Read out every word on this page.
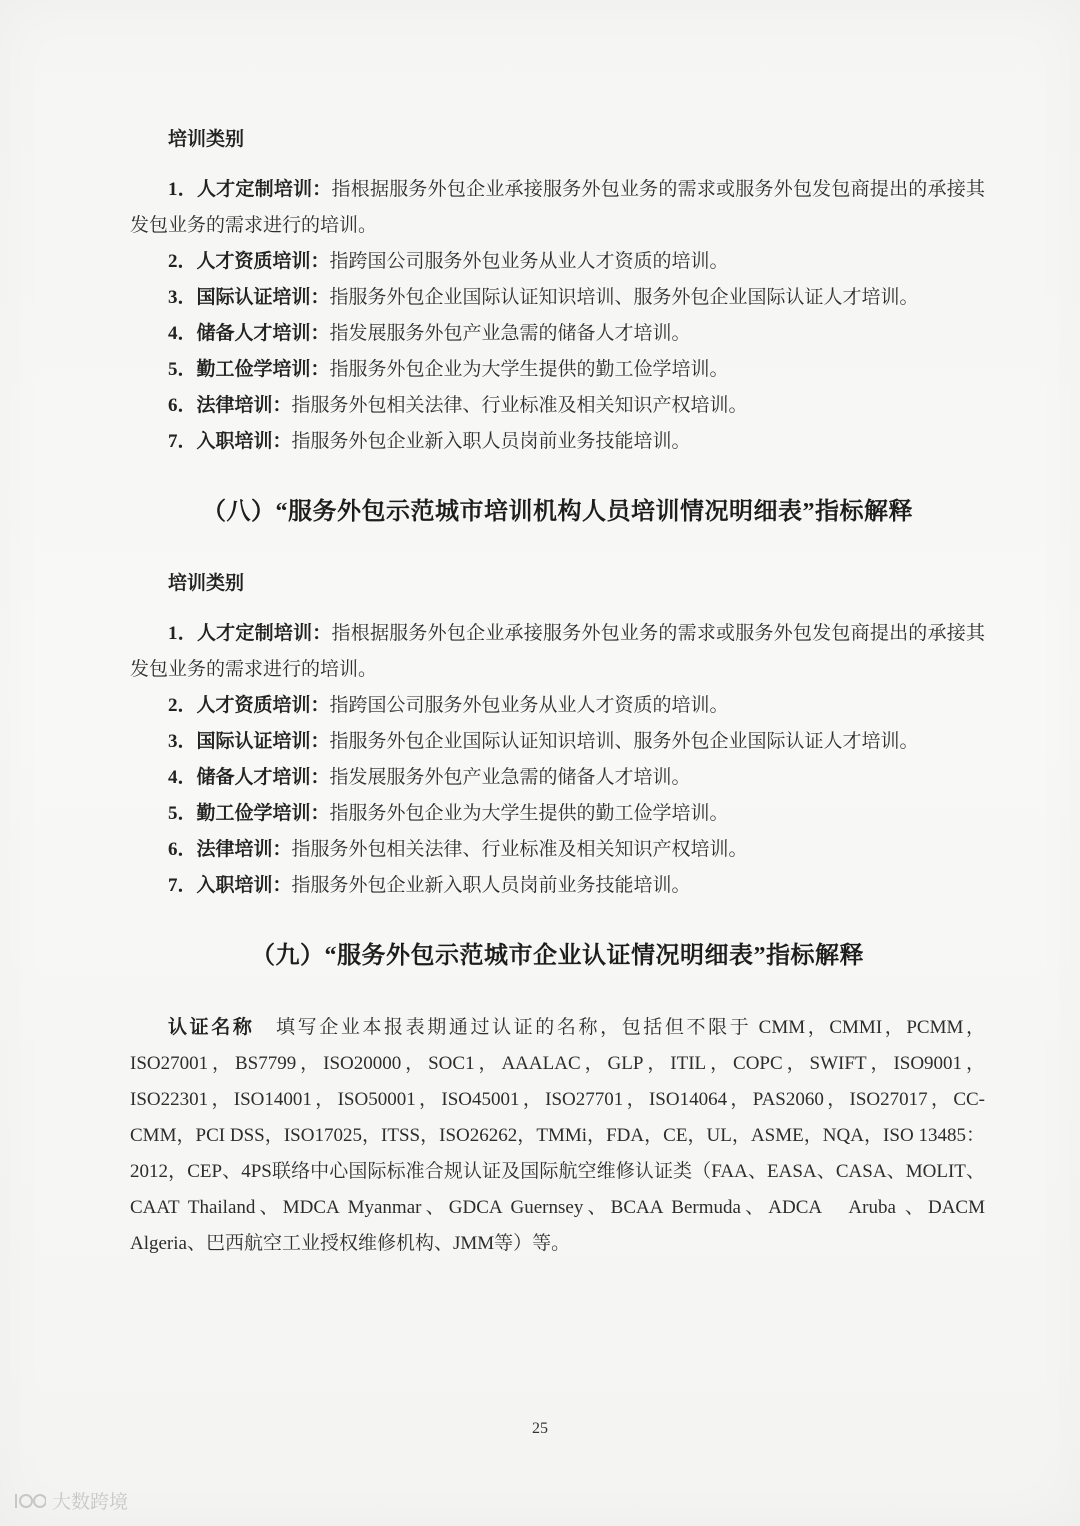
培训类别

1．人才定制培训：指根据服务外包企业承接服务外包业务的需求或服务外包发包商提出的承接其发包业务的需求进行的培训。

2．人才资质培训：指跨国公司服务外包业务从业人才资质的培训。

3．国际认证培训：指服务外包企业国际认证知识培训、服务外包企业国际认证人才培训。

4．储备人才培训：指发展服务外包产业急需的储备人才培训。

5．勤工俭学培训：指服务外包企业为大学生提供的勤工俭学培训。

6．法律培训：指服务外包相关法律、行业标准及相关知识产权培训。

7．入职培训：指服务外包企业新入职人员岗前业务技能培训。

（八）“服务外包示范城市培训机构人员培训情况明细表”指标解释
培训类别

1．人才定制培训：指根据服务外包企业承接服务外包业务的需求或服务外包发包商提出的承接其发包业务的需求进行的培训。

2．人才资质培训：指跨国公司服务外包业务从业人才资质的培训。

3．国际认证培训：指服务外包企业国际认证知识培训、服务外包企业国际认证人才培训。

4．储备人才培训：指发展服务外包产业急需的储备人才培训。

5．勤工俭学培训：指服务外包企业为大学生提供的勤工俭学培训。

6．法律培训：指服务外包相关法律、行业标准及相关知识产权培训。

7．入职培训：指服务外包企业新入职人员岗前业务技能培训。

（九）“服务外包示范城市企业认证情况明细表”指标解释

认证名称　填写企业本报表期通过认证的名称，包括但不限于 CMM，CMMI，PCMM，ISO27001，BS7799，ISO20000，SOC1，AAALAC，GLP，ITIL，COPC，SWIFT，ISO9001，ISO22301，ISO14001，ISO50001，ISO45001，ISO27701，ISO14064，PAS2060，ISO27017，CC-CMM，PCI DSS，ISO17025，ITSS，ISO26262，TMMi，FDA，CE，UL，ASME，NQA，ISO 13485：2012，CEP、4PS联络中心国际标准合规认证及国际航空维修认证类（FAA、EASA、CASA、MOLIT、CAAT Thailand、MDCA Myanmar、GDCA Guernsey、BCAA Bermuda、ADCA　Aruba 、DACM Algeria、巴西航空工业授权维修机构、JMM等）等。

25
大数跨境
